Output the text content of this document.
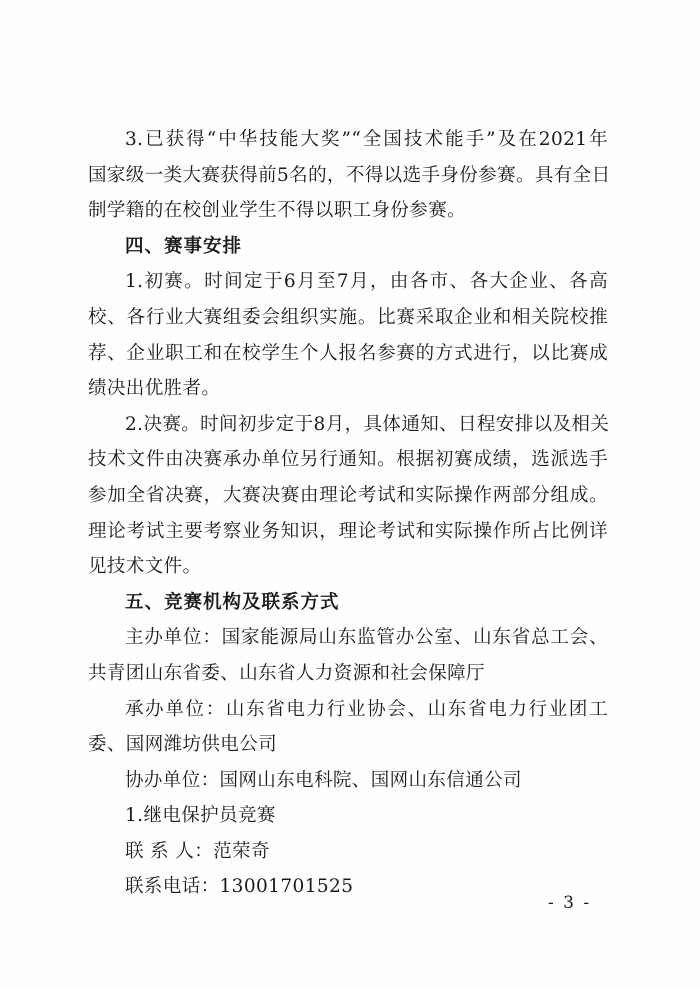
3.已获得“中华技能大奖”“全国技术能手”及在2021年
国家级一类大赛获得前5名的，不得以选手身份参赛。具有全日
制学籍的在校创业学生不得以职工身份参赛。
四、赛事安排
1.初赛。时间定于6月至7月，由各市、各大企业、各高
校、各行业大赛组委会组织实施。比赛采取企业和相关院校推
荐、企业职工和在校学生个人报名参赛的方式进行，以比赛成
绩决出优胜者。
2.决赛。时间初步定于8月，具体通知、日程安排以及相关
技术文件由决赛承办单位另行通知。根据初赛成绩，选派选手
参加全省决赛，大赛决赛由理论考试和实际操作两部分组成。
理论考试主要考察业务知识，理论考试和实际操作所占比例详
见技术文件。
五、竞赛机构及联系方式
主办单位：国家能源局山东监管办公室、山东省总工会、
共青团山东省委、山东省人力资源和社会保障厅
承办单位：山东省电力行业协会、山东省电力行业团工
委、国网潍坊供电公司
协办单位：国网山东电科院、国网山东信通公司
1.继电保护员竞赛
联 系 人：范荣奇
联系电话：13001701525
- 3 -
